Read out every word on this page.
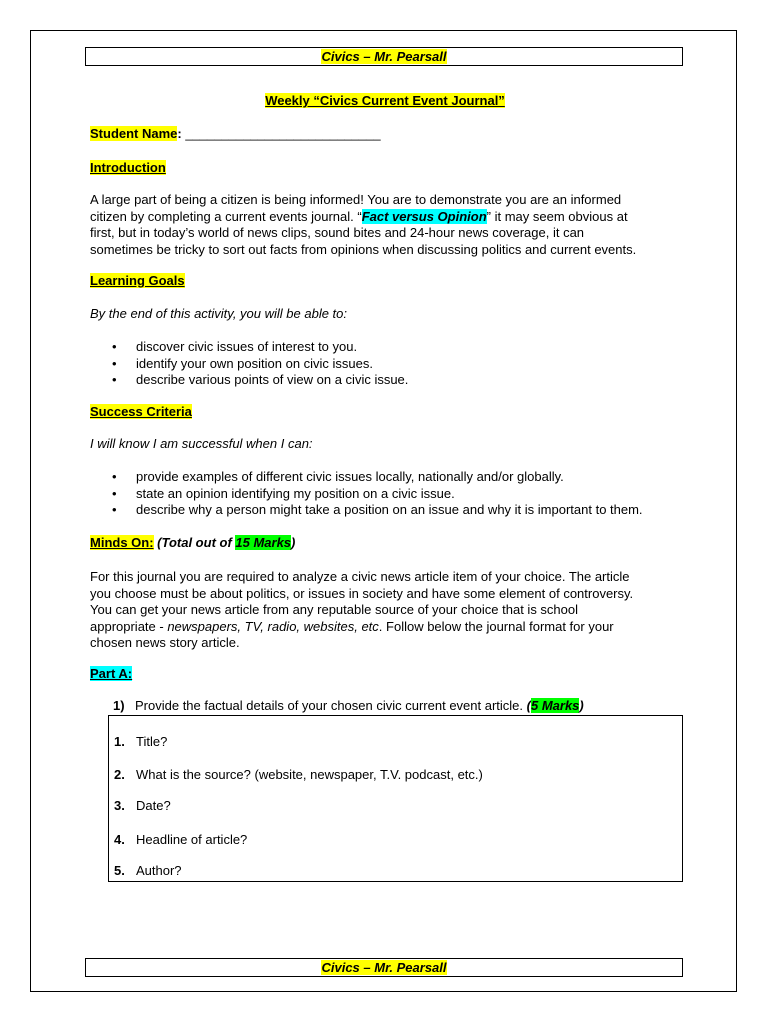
Civics – Mr. Pearsall
Weekly “Civics Current Event Journal”
Student Name: ___________________________
Introduction
A large part of being a citizen is being informed! You are to demonstrate you are an informed
citizen by completing a current events journal. “Fact versus Opinion” it may seem obvious at
first, but in today’s world of news clips, sound bites and 24-hour news coverage, it can
sometimes be tricky to sort out facts from opinions when discussing politics and current events.
Learning Goals
By the end of this activity, you will be able to:
• discover civic issues of interest to you.
• identify your own position on civic issues.
• describe various points of view on a civic issue.
Success Criteria
I will know I am successful when I can:
• provide examples of different civic issues locally, nationally and/or globally.
• state an opinion identifying my position on a civic issue.
• describe why a person might take a position on an issue and why it is important to them.
Minds On: (Total out of 15 Marks)
For this journal you are required to analyze a civic news article item of your choice. The article
you choose must be about politics, or issues in society and have some element of controversy.
You can get your news article from any reputable source of your choice that is school
appropriate - newspapers, TV, radio, websites, etc. Follow below the journal format for your
chosen news story article.
Part A:
1) Provide the factual details of your chosen civic current event article. (5 Marks)
1. Title?
2. What is the source? (website, newspaper, T.V. podcast, etc.)
3. Date?
4. Headline of article?
5. Author?
Civics – Mr. Pearsall
